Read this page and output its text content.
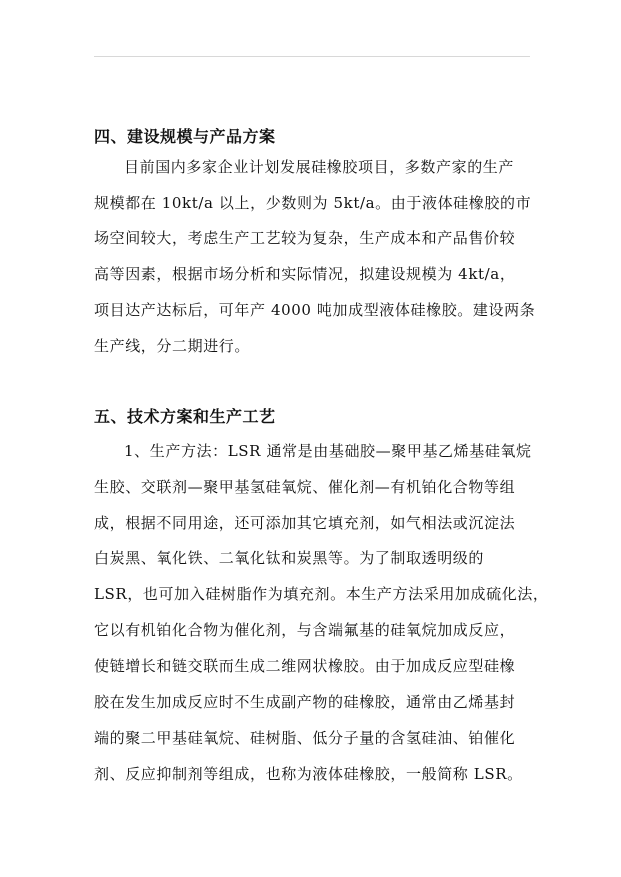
四、建设规模与产品方案
目前国内多家企业计划发展硅橡胶项目，多数产家的生产
规模都在 10kt/a 以上，少数则为 5kt/a。由于液体硅橡胶的市
场空间较大，考虑生产工艺较为复杂，生产成本和产品售价较
高等因素，根据市场分析和实际情况，拟建设规模为 4kt/a，
项目达产达标后，可年产 4000 吨加成型液体硅橡胶。建设两条
生产线，分二期进行。
五、技术方案和生产工艺
1、生产方法：LSR 通常是由基础胶—聚甲基乙烯基硅氧烷
生胶、交联剂—聚甲基氢硅氧烷、催化剂—有机铂化合物等组
成，根据不同用途，还可添加其它填充剂，如气相法或沉淀法
白炭黑、氧化铁、二氧化钛和炭黑等。为了制取透明级的
LSR，也可加入硅树脂作为填充剂。本生产方法采用加成硫化法，
它以有机铂化合物为催化剂，与含端氟基的硅氧烷加成反应，
使链增长和链交联而生成二维网状橡胶。由于加成反应型硅橡
胶在发生加成反应时不生成副产物的硅橡胶，通常由乙烯基封
端的聚二甲基硅氧烷、硅树脂、低分子量的含氢硅油、铂催化
剂、反应抑制剂等组成，也称为液体硅橡胶，一般简称 LSR。
